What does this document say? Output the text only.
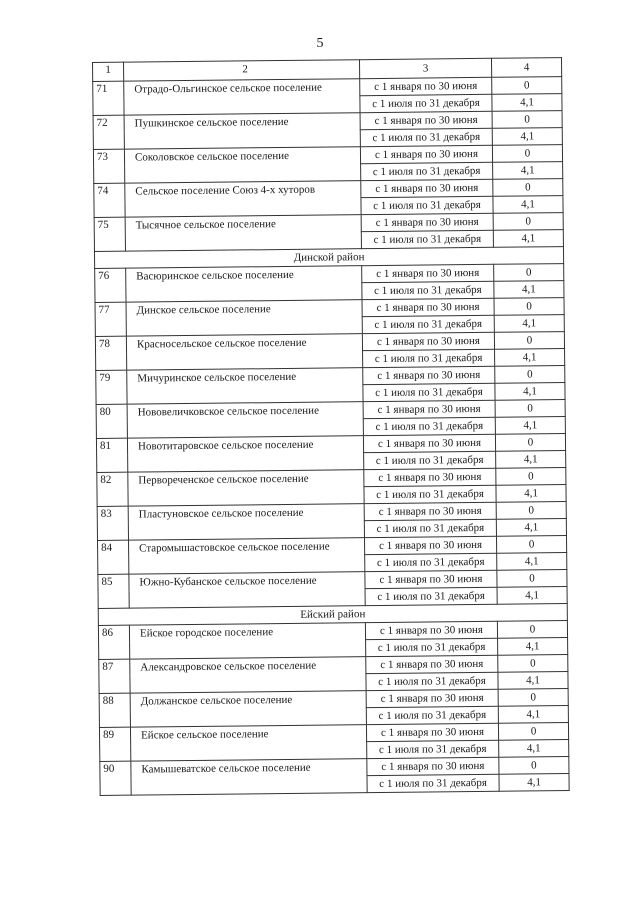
5
1	2	3	4
71	Отрадо-Ольгинское сельское поселение	с 1 января по 30 июня	0
		с 1 июля по 31 декабря	4,1
72	Пушкинское сельское поселение	с 1 января по 30 июня	0
		с 1 июля по 31 декабря	4,1
73	Соколовское сельское поселение	с 1 января по 30 июня	0
		с 1 июля по 31 декабря	4,1
74	Сельское поселение Союз 4-х хуторов	с 1 января по 30 июня	0
		с 1 июля по 31 декабря	4,1
75	Тысячное сельское поселение	с 1 января по 30 июня	0
		с 1 июля по 31 декабря	4,1
Динской район			
76	Васюринское сельское поселение	с 1 января по 30 июня	0
		с 1 июля по 31 декабря	4,1
77	Динское сельское поселение	с 1 января по 30 июня	0
		с 1 июля по 31 декабря	4,1
78	Красносельское сельское поселение	с 1 января по 30 июня	0
		с 1 июля по 31 декабря	4,1
79	Мичуринское сельское поселение	с 1 января по 30 июня	0
		с 1 июля по 31 декабря	4,1
80	Нововеличковское сельское поселение	с 1 января по 30 июня	0
		с 1 июля по 31 декабря	4,1
81	Новотитаровское сельское поселение	с 1 января по 30 июня	0
		с 1 июля по 31 декабря	4,1
82	Первореченское сельское поселение	с 1 января по 30 июня	0
		с 1 июля по 31 декабря	4,1
83	Пластуновское сельское поселение	с 1 января по 30 июня	0
		с 1 июля по 31 декабря	4,1
84	Старомышастовское сельское поселение	с 1 января по 30 июня	0
		с 1 июля по 31 декабря	4,1
85	Южно-Кубанское сельское поселение	с 1 января по 30 июня	0
		с 1 июля по 31 декабря	4,1
Ейский район			
86	Ейское городское поселение	с 1 января по 30 июня	0
		с 1 июля по 31 декабря	4,1
87	Александровское сельское поселение	с 1 января по 30 июня	0
		с 1 июля по 31 декабря	4,1
88	Должанское сельское поселение	с 1 января по 30 июня	0
		с 1 июля по 31 декабря	4,1
89	Ейское сельское поселение	с 1 января по 30 июня	0
		с 1 июля по 31 декабря	4,1
90	Камышеватское сельское поселение	с 1 января по 30 июня	0
		с 1 июля по 31 декабря	4,1
